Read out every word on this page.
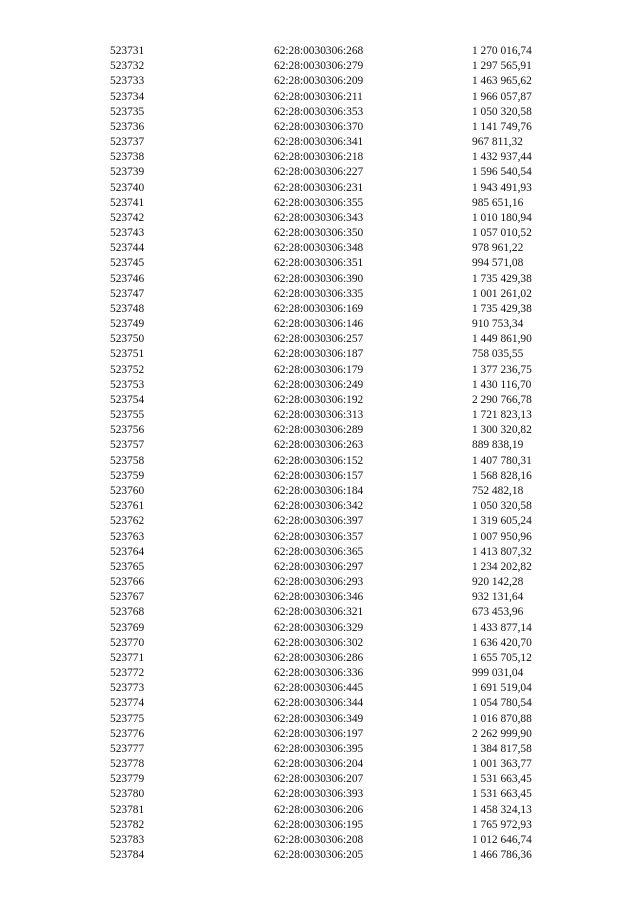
523731	62:28:0030306:268	1 270 016,74
523732	62:28:0030306:279	1 297 565,91
523733	62:28:0030306:209	1 463 965,62
523734	62:28:0030306:211	1 966 057,87
523735	62:28:0030306:353	1 050 320,58
523736	62:28:0030306:370	1 141 749,76
523737	62:28:0030306:341	967 811,32
523738	62:28:0030306:218	1 432 937,44
523739	62:28:0030306:227	1 596 540,54
523740	62:28:0030306:231	1 943 491,93
523741	62:28:0030306:355	985 651,16
523742	62:28:0030306:343	1 010 180,94
523743	62:28:0030306:350	1 057 010,52
523744	62:28:0030306:348	978 961,22
523745	62:28:0030306:351	994 571,08
523746	62:28:0030306:390	1 735 429,38
523747	62:28:0030306:335	1 001 261,02
523748	62:28:0030306:169	1 735 429,38
523749	62:28:0030306:146	910 753,34
523750	62:28:0030306:257	1 449 861,90
523751	62:28:0030306:187	758 035,55
523752	62:28:0030306:179	1 377 236,75
523753	62:28:0030306:249	1 430 116,70
523754	62:28:0030306:192	2 290 766,78
523755	62:28:0030306:313	1 721 823,13
523756	62:28:0030306:289	1 300 320,82
523757	62:28:0030306:263	889 838,19
523758	62:28:0030306:152	1 407 780,31
523759	62:28:0030306:157	1 568 828,16
523760	62:28:0030306:184	752 482,18
523761	62:28:0030306:342	1 050 320,58
523762	62:28:0030306:397	1 319 605,24
523763	62:28:0030306:357	1 007 950,96
523764	62:28:0030306:365	1 413 807,32
523765	62:28:0030306:297	1 234 202,82
523766	62:28:0030306:293	920 142,28
523767	62:28:0030306:346	932 131,64
523768	62:28:0030306:321	673 453,96
523769	62:28:0030306:329	1 433 877,14
523770	62:28:0030306:302	1 636 420,70
523771	62:28:0030306:286	1 655 705,12
523772	62:28:0030306:336	999 031,04
523773	62:28:0030306:445	1 691 519,04
523774	62:28:0030306:344	1 054 780,54
523775	62:28:0030306:349	1 016 870,88
523776	62:28:0030306:197	2 262 999,90
523777	62:28:0030306:395	1 384 817,58
523778	62:28:0030306:204	1 001 363,77
523779	62:28:0030306:207	1 531 663,45
523780	62:28:0030306:393	1 531 663,45
523781	62:28:0030306:206	1 458 324,13
523782	62:28:0030306:195	1 765 972,93
523783	62:28:0030306:208	1 012 646,74
523784	62:28:0030306:205	1 466 786,36
